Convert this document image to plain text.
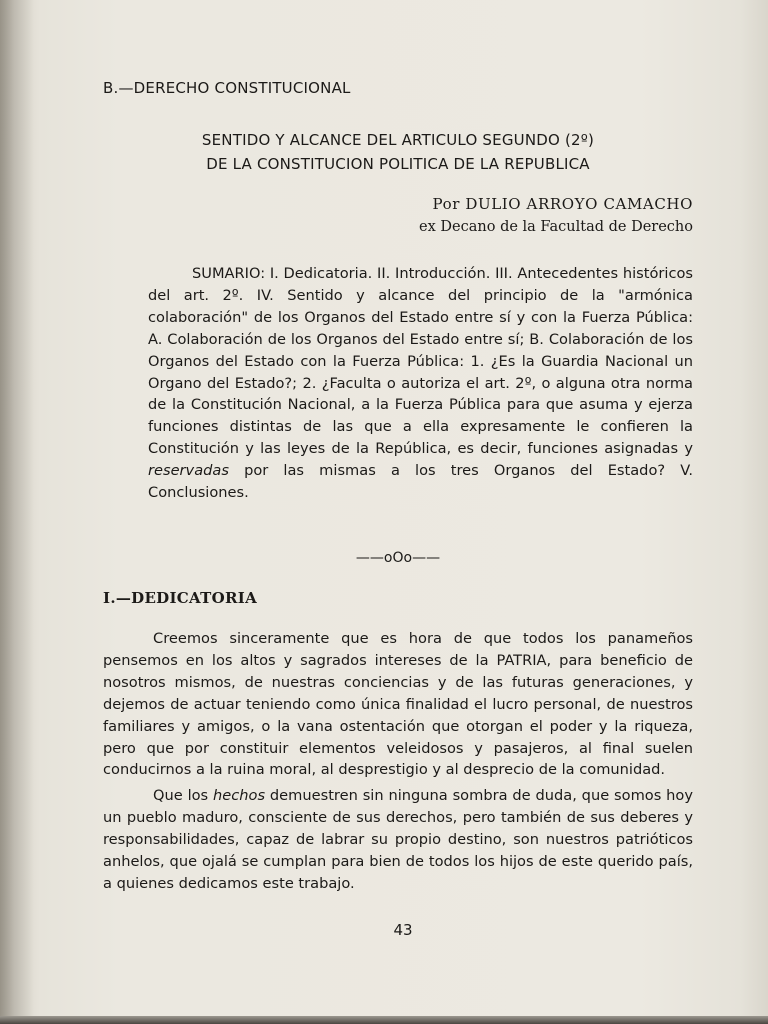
B.—DERECHO CONSTITUCIONAL
SENTIDO Y ALCANCE DEL ARTICULO SEGUNDO (2º)
DE LA CONSTITUCION POLITICA DE LA REPUBLICA
Por DULIO ARROYO CAMACHO
ex Decano de la Facultad de Derecho

SUMARIO: I. Dedicatoria. II. Introducción. III. Antecedentes históricos del art. 2º. IV. Sentido y alcance del principio de la "armónica colaboración" de los Organos del Estado entre sí y con la Fuerza Pública: A. Colaboración de los Organos del Estado entre sí; B. Colaboración de los Organos del Estado con la Fuerza Pública: 1. ¿Es la Guardia Nacional un Organo del Estado?; 2. ¿Faculta o autoriza el art. 2º, o alguna otra norma de la Constitución Nacional, a la Fuerza Pública para que asuma y ejerza funciones distintas de las que a ella expresamente le confieren la Constitución y las leyes de la República, es decir, funciones asignadas y reservadas por las mismas a los tres Organos del Estado? V. Conclusiones.

——oOo——
I.—DEDICATORIA

Creemos sinceramente que es hora de que todos los panameños pensemos en los altos y sagrados intereses de la PATRIA, para beneficio de nosotros mismos, de nuestras conciencias y de las futuras generaciones, y dejemos de actuar teniendo como única finalidad el lucro personal, de nuestros familiares y amigos, o la vana ostentación que otorgan el poder y la riqueza, pero que por constituir elementos veleidosos y pasajeros, al final suelen conducirnos a la ruina moral, al desprestigio y al desprecio de la comunidad.

Que los hechos demuestren sin ninguna sombra de duda, que somos hoy un pueblo maduro, consciente de sus derechos, pero también de sus deberes y responsabilidades, capaz de labrar su propio destino, son nuestros patrióticos anhelos, que ojalá se cumplan para bien de todos los hijos de este querido país, a quienes dedicamos este trabajo.

43
